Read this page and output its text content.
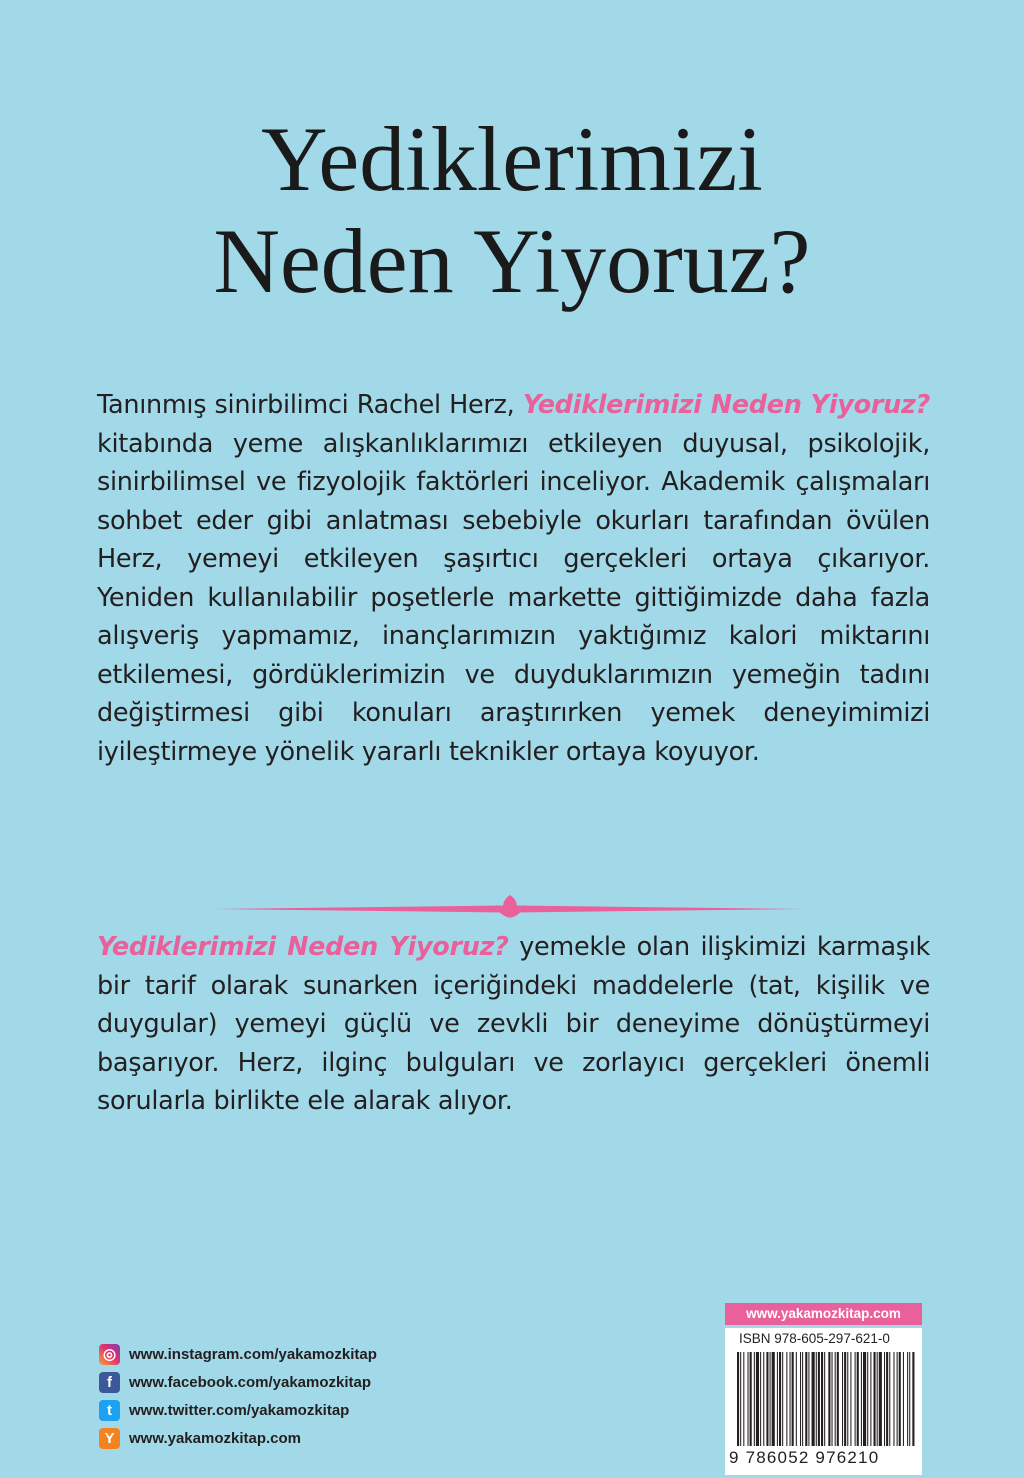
Yediklerimizi
Neden Yiyoruz?
Tanınmış sinirbilimci Rachel Herz, Yediklerimizi Neden Yiyoruz? kitabında yeme alışkanlıklarımızı etkileyen duyusal, psikolojik, sinirbilimsel ve fizyolojik faktörleri inceliyor. Akademik çalışmaları sohbet eder gibi anlatması sebebiyle okurları tarafından övülen Herz, yemeyi etkileyen şaşırtıcı gerçekleri ortaya çıkarıyor. Yeniden kullanılabilir poşetlerle markette gittiğimizde daha fazla alışveriş yapmamız, inançlarımızın yaktığımız kalori miktarını etkilemesi, gördüklerimizin ve duyduklarımızın yemeğin tadını değiştirmesi gibi konuları araştırırken yemek deneyimimizi iyileştirmeye yönelik yararlı teknikler ortaya koyuyor.
Yediklerimizi Neden Yiyoruz? yemekle olan ilişkimizi karmaşık bir tarif olarak sunarken içeriğindeki maddelerle (tat, kişilik ve duygular) yemeyi güçlü ve zevkli bir deneyime dönüştürmeyi başarıyor. Herz, ilginç bulguları ve zorlayıcı gerçekleri önemli sorularla birlikte ele alarak alıyor.
◎ www.instagram.com/yakamozkitap
f	www.facebook.com/yakamozkitap
t	www.twitter.com/yakamozkitap
Y www.yakamozkitap.com
www.yakamozkitap.com
ISBN 978-605-297-621-0
9 786052 976210
